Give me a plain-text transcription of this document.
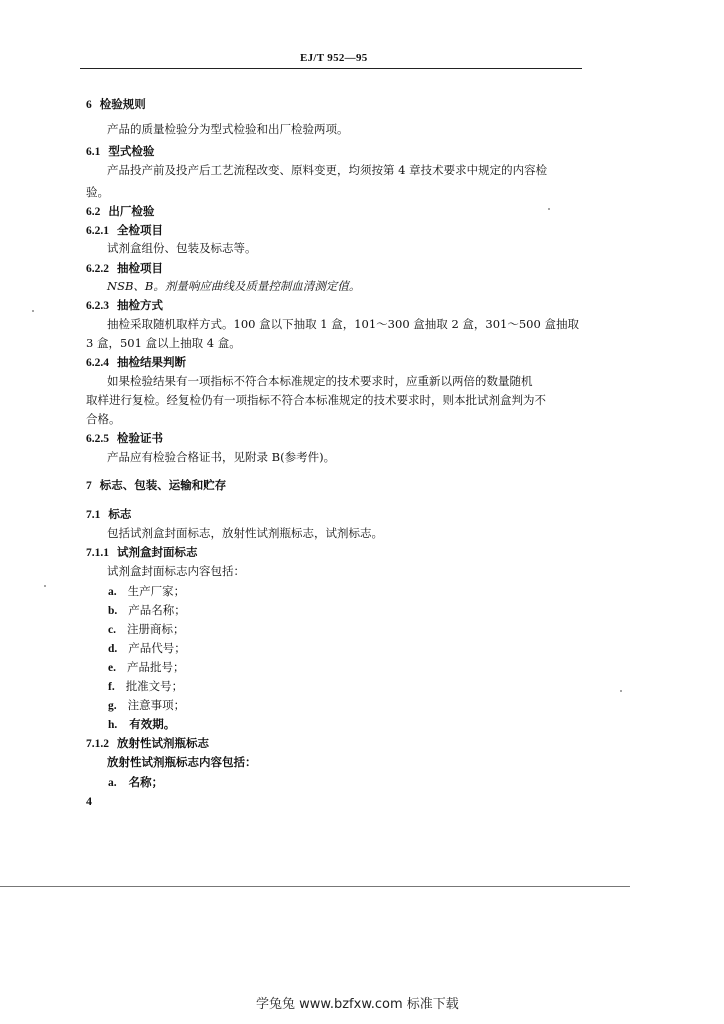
EJ/T 952—95
6 检验规则
产品的质量检验分为型式检验和出厂检验两项。
6.1 型式检验
产品投产前及投产后工艺流程改变、原料变更，均须按第 4 章技术要求中规定的内容检
验。
6.2 出厂检验
6.2.1 全检项目
试剂盒组份、包装及标志等。
6.2.2 抽检项目
NSB、B。剂量响应曲线及质量控制血清测定值。
6.2.3 抽检方式
抽检采取随机取样方式。100 盒以下抽取 1 盒，101～300 盒抽取 2 盒，301～500 盒抽取
3 盒，501 盒以上抽取 4 盒。
6.2.4 抽检结果判断
如果检验结果有一项指标不符合本标准规定的技术要求时，应重新以两倍的数量随机
取样进行复检。经复检仍有一项指标不符合本标准规定的技术要求时，则本批试剂盒判为不
合格。
6.2.5 检验证书
产品应有检验合格证书，见附录 B(参考件)。
7 标志、包装、运输和贮存
7.1 标志
包括试剂盒封面标志，放射性试剂瓶标志，试剂标志。
7.1.1 试剂盒封面标志
试剂盒封面标志内容包括：
a. 生产厂家；
b. 产品名称；
c. 注册商标；
d. 产品代号；
e. 产品批号；
f. 批准文号；
g. 注意事项；
h. 有效期。
7.1.2 放射性试剂瓶标志
放射性试剂瓶标志内容包括：
a. 名称；
4
学兔兔 www.bzfxw.com 标准下载
